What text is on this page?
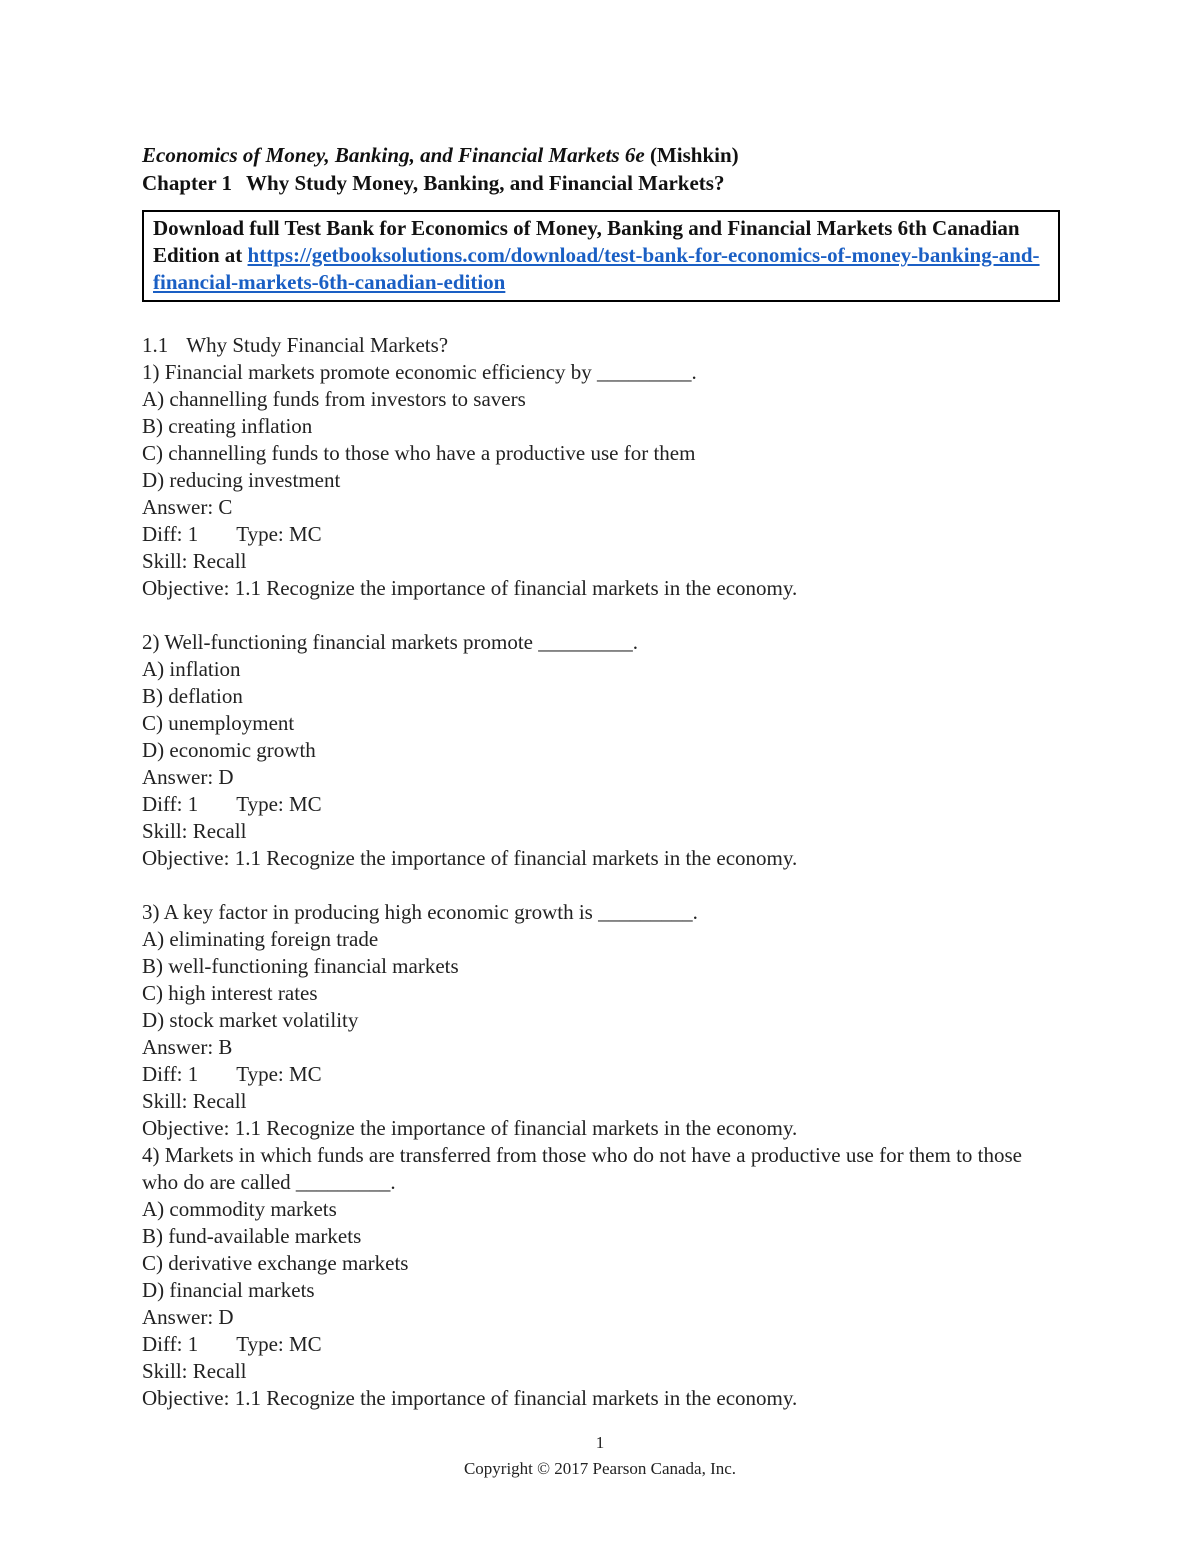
Economics of Money, Banking, and Financial Markets 6e (Mishkin)
Chapter 1 Why Study Money, Banking, and Financial Markets?
Download full Test Bank for Economics of Money, Banking and Financial Markets 6th Canadian Edition at https://getbooksolutions.com/download/test-bank-for-economics-of-money-banking-and-financial-markets-6th-canadian-edition
1.1 Why Study Financial Markets?
1) Financial markets promote economic efficiency by _________.
A) channelling funds from investors to savers
B) creating inflation
C) channelling funds to those who have a productive use for them
D) reducing investment
Answer: C
Diff: 1 Type: MC
Skill: Recall
Objective: 1.1 Recognize the importance of financial markets in the economy.
2) Well-functioning financial markets promote _________.
A) inflation
B) deflation
C) unemployment
D) economic growth
Answer: D
Diff: 1 Type: MC
Skill: Recall
Objective: 1.1 Recognize the importance of financial markets in the economy.
3) A key factor in producing high economic growth is _________.
A) eliminating foreign trade
B) well-functioning financial markets
C) high interest rates
D) stock market volatility
Answer: B
Diff: 1 Type: MC
Skill: Recall
Objective: 1.1 Recognize the importance of financial markets in the economy.
4) Markets in which funds are transferred from those who do not have a productive use for them to those who do are called _________.
A) commodity markets
B) fund-available markets
C) derivative exchange markets
D) financial markets
Answer: D
Diff: 1 Type: MC
Skill: Recall
Objective: 1.1 Recognize the importance of financial markets in the economy.
1
Copyright © 2017 Pearson Canada, Inc.
